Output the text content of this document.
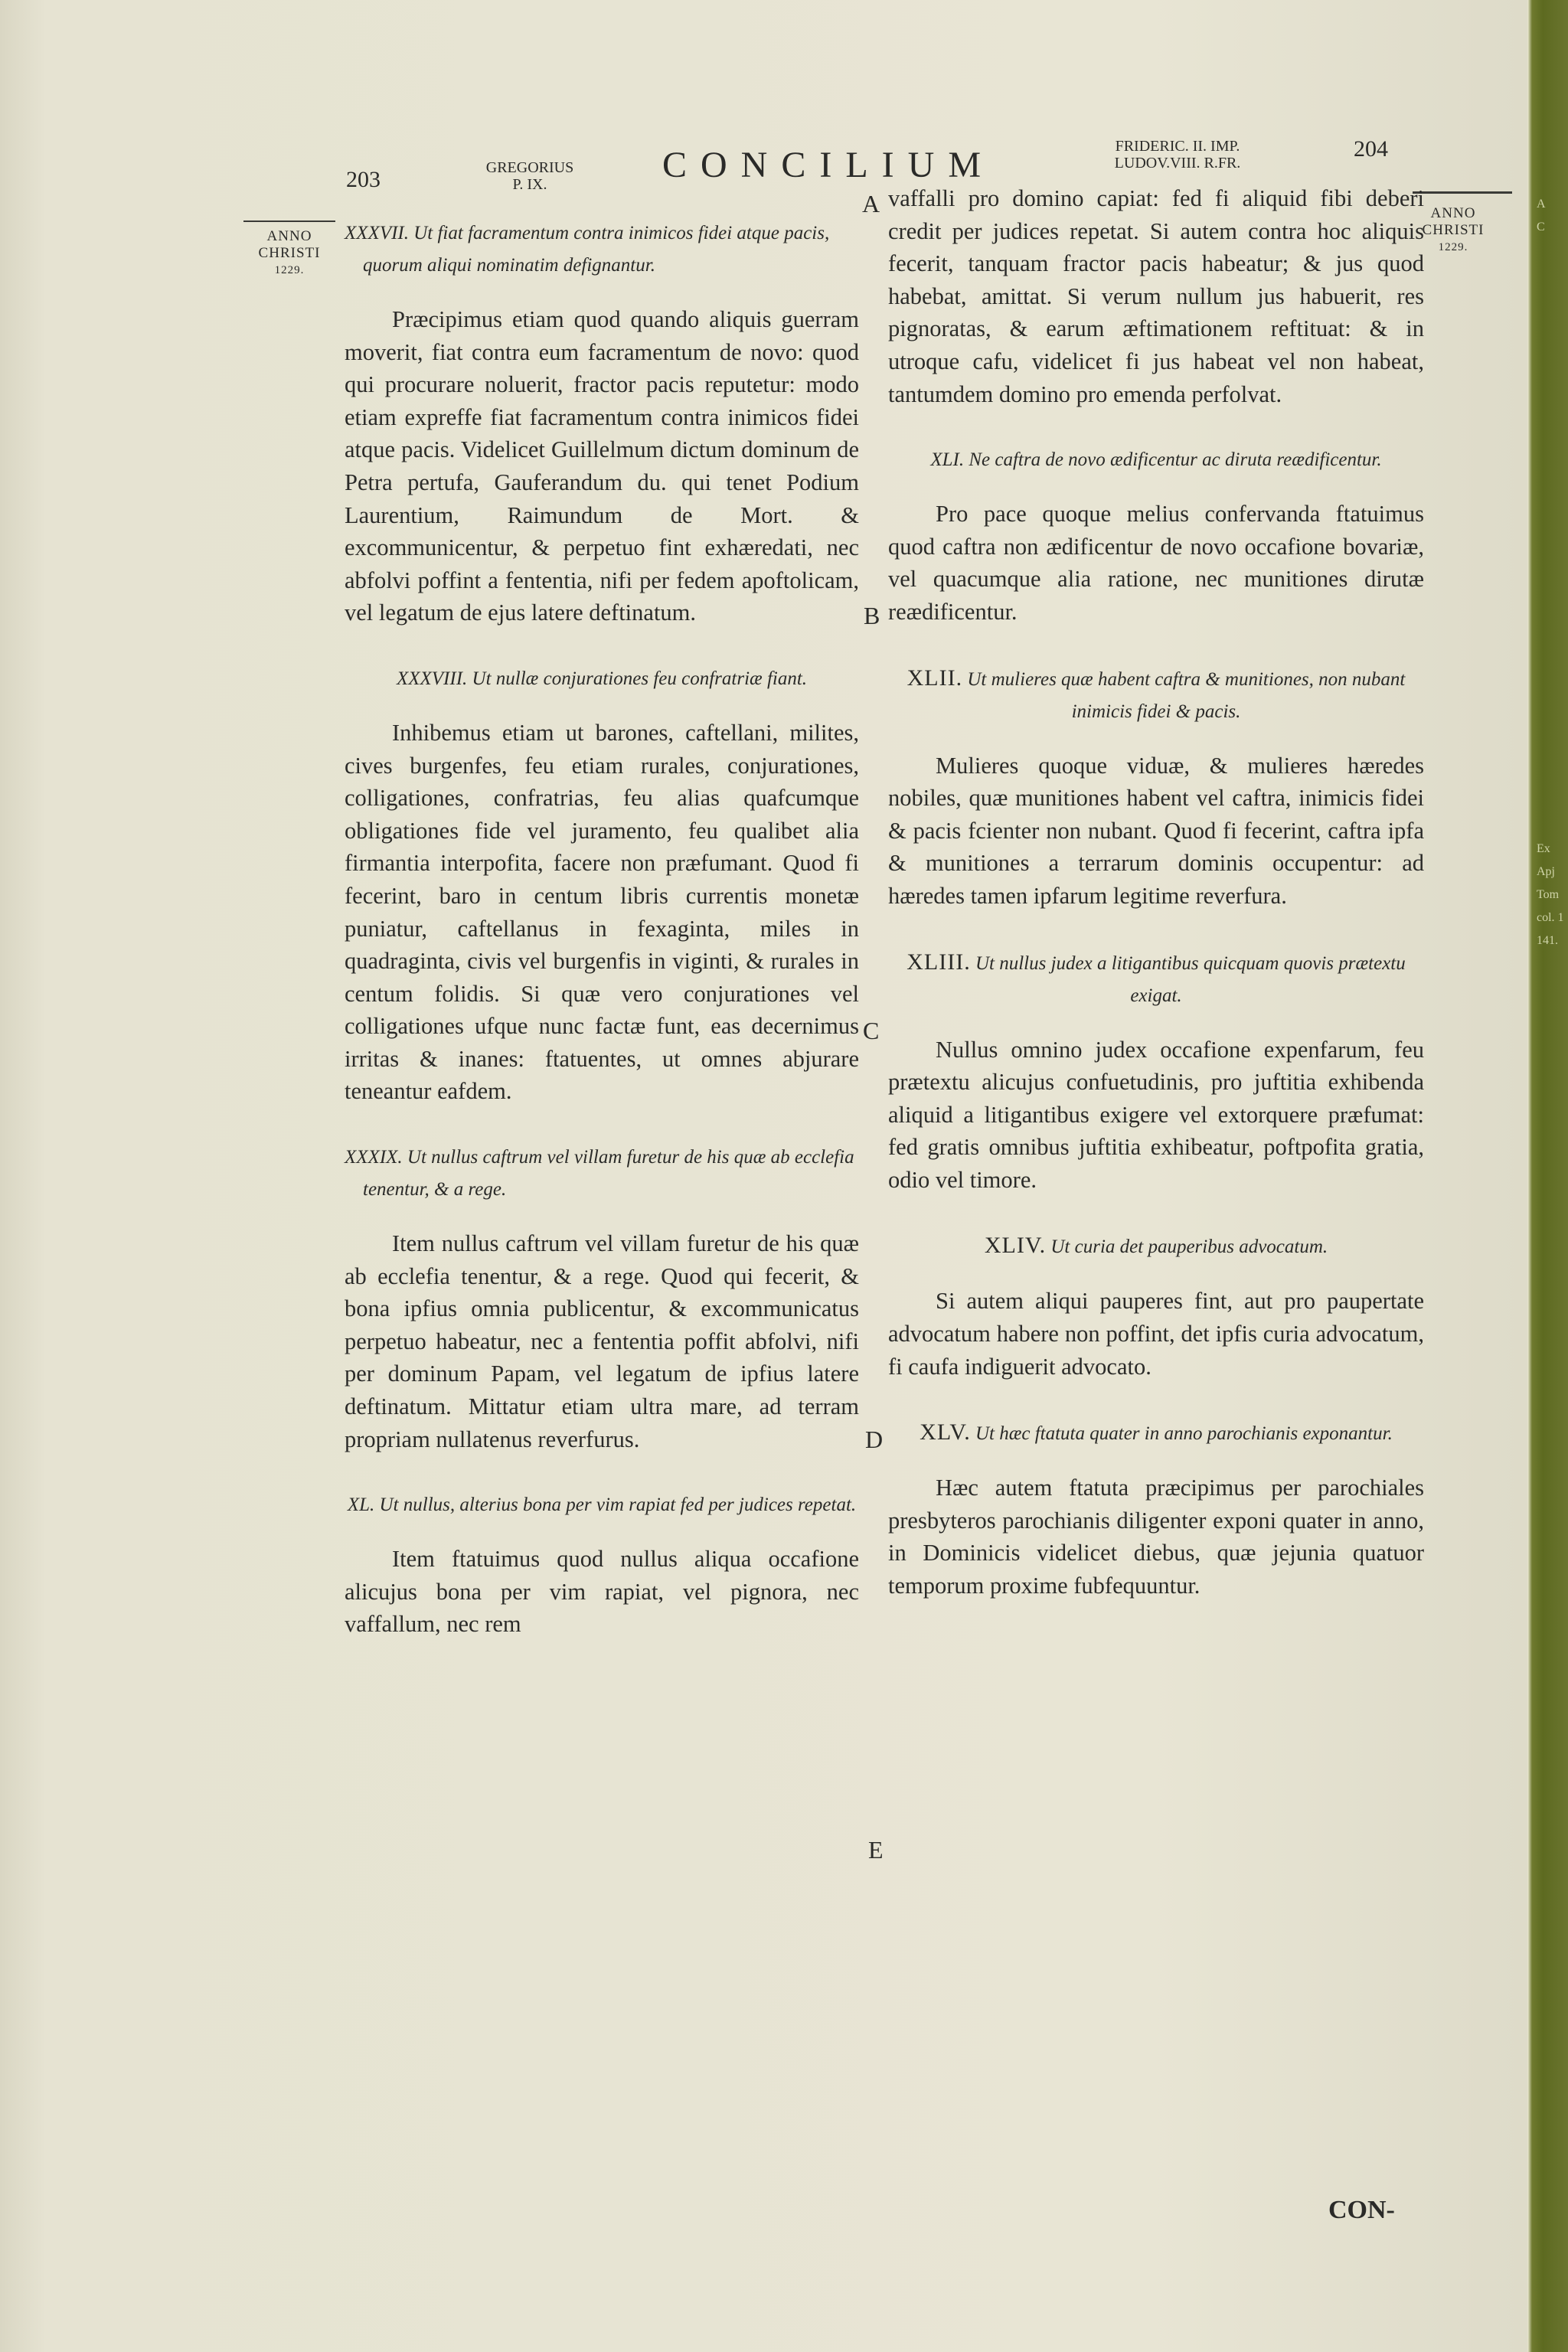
A
C
Ex
Apj
Tom
col. 1
141.
203	GREGORIUS
P. IX.	CONCILIUM	FRIDERIC. II. IMP.
LUDOV.VIII. R.FR.
204
ANNO
CHRISTI
1229.
ANNO
CHRISTI
1229.
A
B
C
D
E

XXXVII. Ut fiat facramentum contra inimicos fidei atque pacis, quorum aliqui nominatim defignantur.

Præcipimus etiam quod quando aliquis guerram moverit, fiat contra eum facramentum de novo: quod qui procurare noluerit, fractor pacis reputetur: modo etiam expreffe fiat facramentum contra inimicos fidei atque pacis. Videlicet Guillelmum dictum dominum de Petra pertufa, Gauferandum du. qui tenet Podium Laurentium, Raimundum de Mort. & excommunicentur, & perpetuo fint exhæredati, nec abfolvi poffint a fententia, nifi per fedem apoftolicam, vel legatum de ejus latere deftinatum.

XXXVIII. Ut nullæ conjurationes feu confratriæ fiant.

Inhibemus etiam ut barones, caftellani, milites, cives burgenfes, feu etiam rurales, conjurationes, colligationes, confratrias, feu alias quafcumque obligationes fide vel juramento, feu qualibet alia firmantia interpofita, facere non præfumant. Quod fi fecerint, baro in centum libris currentis monetæ puniatur, caftellanus in fexaginta, miles in quadraginta, civis vel burgenfis in viginti, & rurales in centum folidis. Si quæ vero conjurationes vel colligationes ufque nunc factæ funt, eas decernimus irritas & inanes: ftatuentes, ut omnes abjurare teneantur eafdem.

XXXIX. Ut nullus caftrum vel villam furetur de his quæ ab ecclefia tenentur, & a rege.

Item nullus caftrum vel villam furetur de his quæ ab ecclefia tenentur, & a rege. Quod qui fecerit, & bona ipfius omnia publicentur, & excommunicatus perpetuo habeatur, nec a fententia poffit abfolvi, nifi per dominum Papam, vel legatum de ipfius latere deftinatum. Mittatur etiam ultra mare, ad terram propriam nullatenus reverfurus.

XL. Ut nullus, alterius bona per vim rapiat fed per judices repetat.

Item ftatuimus quod nullus aliqua occafione alicujus bona per vim rapiat, vel pignora, nec vaffallum, nec rem

vaffalli pro domino capiat: fed fi aliquid fibi deberi credit per judices repetat. Si autem contra hoc aliquis fecerit, tanquam fractor pacis habeatur; & jus quod habebat, amittat. Si verum nullum jus habuerit, res pignoratas, & earum æftimationem reftituat: & in utroque cafu, videlicet fi jus habeat vel non habeat, tantumdem domino pro emenda perfolvat.

XLI. Ne caftra de novo ædificentur ac diruta reædificentur.

Pro pace quoque melius confervanda ftatuimus quod caftra non ædificentur de novo occafione bovariæ, vel quacumque alia ratione, nec munitiones dirutæ reædificentur.

XLII. Ut mulieres quæ habent caftra & munitiones, non nubant inimicis fidei & pacis.

Mulieres quoque viduæ, & mulieres hæredes nobiles, quæ munitiones habent vel caftra, inimicis fidei & pacis fcienter non nubant. Quod fi fecerint, caftra ipfa & munitiones a terrarum dominis occupentur: ad hæredes tamen ipfarum legitime reverfura.

XLIII. Ut nullus judex a litigantibus quicquam quovis prætextu exigat.

Nullus omnino judex occafione expenfarum, feu prætextu alicujus confuetudinis, pro juftitia exhibenda aliquid a litigantibus exigere vel extorquere præfumat: fed gratis omnibus juftitia exhibeatur, poftpofita gratia, odio vel timore.

XLIV. Ut curia det pauperibus advocatum.

Si autem aliqui pauperes fint, aut pro paupertate advocatum habere non poffint, det ipfis curia advocatum, fi caufa indiguerit advocato.

XLV. Ut hæc ftatuta quater in anno parochianis exponantur.

Hæc autem ftatuta præcipimus per parochiales presbyteros parochianis diligenter exponi quater in anno, in Dominicis videlicet diebus, quæ jejunia quatuor temporum proxime fubfequuntur.

CON-
